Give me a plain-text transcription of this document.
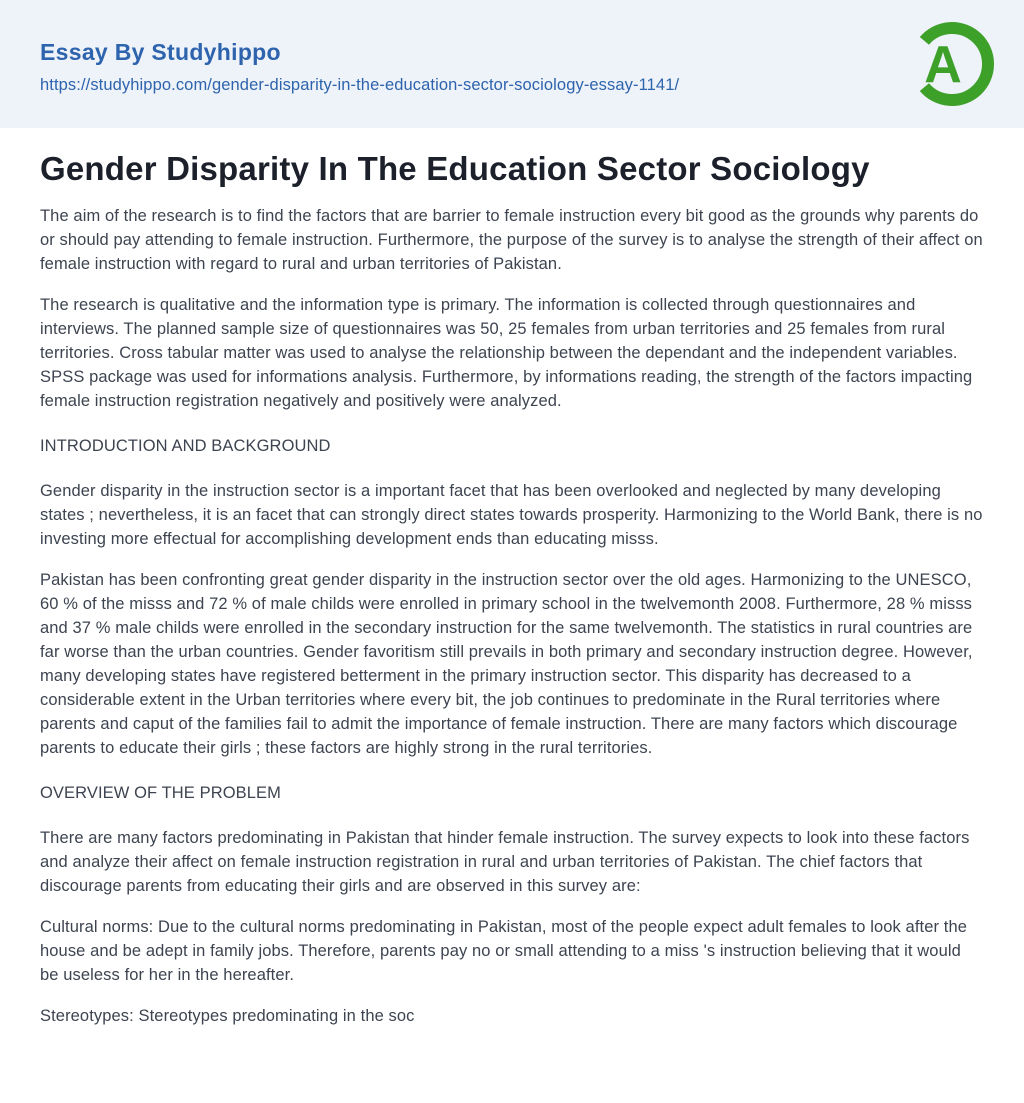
Essay By Studyhippo
https://studyhippo.com/gender-disparity-in-the-education-sector-sociology-essay-1141/	A
Gender Disparity In The Education Sector Sociology

The aim of the research is to find the factors that are barrier to female instruction every bit good as the grounds why parents do or should pay attending to female instruction. Furthermore, the purpose of the survey is to analyse the strength of their affect on female instruction with regard to rural and urban territories of Pakistan.

The research is qualitative and the information type is primary. The information is collected through questionnaires and interviews. The planned sample size of questionnaires was 50, 25 females from urban territories and 25 females from rural territories. Cross tabular matter was used to analyse the relationship between the dependant and the independent variables. SPSS package was used for informations analysis. Furthermore, by informations reading, the strength of the factors impacting female instruction registration negatively and positively were analyzed.

INTRODUCTION AND BACKGROUND

Gender disparity in the instruction sector is a important facet that has been overlooked and neglected by many developing states ; nevertheless, it is an facet that can strongly direct states towards prosperity. Harmonizing to the World Bank, there is no investing more effectual for accomplishing development ends than educating misss.

Pakistan has been confronting great gender disparity in the instruction sector over the old ages. Harmonizing to the UNESCO, 60 % of the misss and 72 % of male childs were enrolled in primary school in the twelvemonth 2008. Furthermore, 28 % misss and 37 % male childs were enrolled in the secondary instruction for the same twelvemonth. The statistics in rural countries are far worse than the urban countries. Gender favoritism still prevails in both primary and secondary instruction degree. However, many developing states have registered betterment in the primary instruction sector. This disparity has decreased to a considerable extent in the Urban territories where every bit, the job continues to predominate in the Rural territories where parents and caput of the families fail to admit the importance of female instruction. There are many factors which discourage parents to educate their girls ; these factors are highly strong in the rural territories.

OVERVIEW OF THE PROBLEM

There are many factors predominating in Pakistan that hinder female instruction. The survey expects to look into these factors and analyze their affect on female instruction registration in rural and urban territories of Pakistan. The chief factors that discourage parents from educating their girls and are observed in this survey are:

Cultural norms: Due to the cultural norms predominating in Pakistan, most of the people expect adult females to look after the house and be adept in family jobs. Therefore, parents pay no or small attending to a miss 's instruction believing that it would be useless for her in the hereafter.

Stereotypes: Stereotypes predominating in the soc
